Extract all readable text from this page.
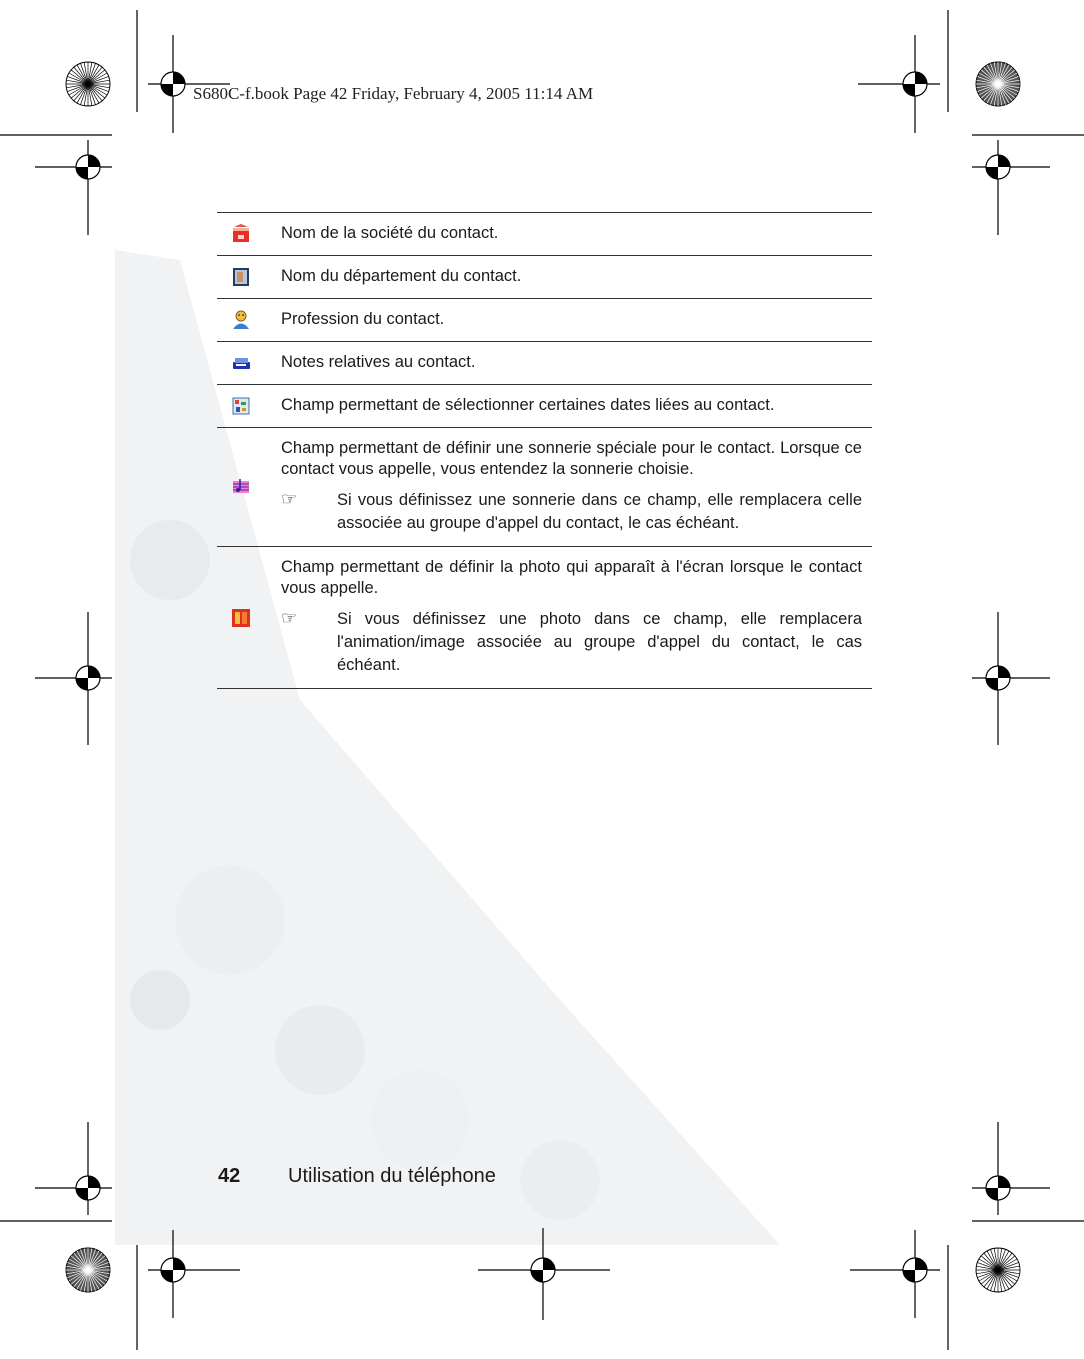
S680C-f.book Page 42 Friday, February 4, 2005 11:14 AM
	Nom de la société du contact.
	Nom du département du contact.
	Profession du contact.
	Notes relatives au contact.
	Champ permettant de sélectionner certaines dates liées au contact.

Champ permettant de définir une sonnerie spéciale pour le contact. Lorsque ce contact vous appelle, vous entendez la sonnerie choisie.
☞ Si vous définissez une sonnerie dans ce champ, elle remplacera celle associée au groupe d'appel du contact, le cas échéant.

Champ permettant de définir la photo qui apparaît à l'écran lorsque le contact vous appelle.
☞ Si vous définissez une photo dans ce champ, elle remplacera l'animation/image associée au groupe d'appel du contact, le cas échéant.
42 Utilisation du téléphone
